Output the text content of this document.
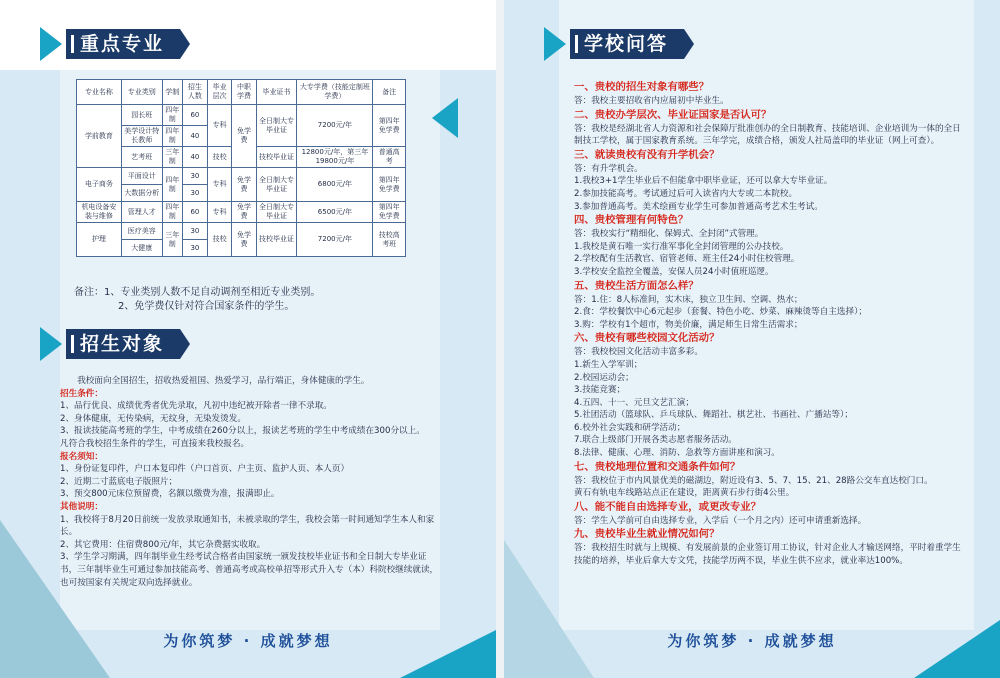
重点专业
专业名称	专业类别	学制	招生人数	毕业层次	中职学费	毕业证书	大专学费（技能定制班学费）	备注
学前教育	园长班	四年制	60	专科	免学费	全日制大专毕业证	7200元/年	第四年免学费
	美学设计特长教师	四年制	40					
	艺考班	三年制	40	技校		技校毕业证	12800元/年，第三年19800元/年	普通高考
电子商务	平面设计	四年制	30	专科	免学费	全日制大专毕业证	6800元/年	第四年免学费
	大数据分析		30					
机电设备安装与维修	管理人才	四年制	60	专科	免学费	全日制大专毕业证	6500元/年	第四年免学费
护理	医疗美容	三年制	30	技校	免学费	技校毕业证	7200元/年	技校高考班
	大健康		30					
备注：1、专业类别人数不足自动调剂至相近专业类别。
2、免学费仅针对符合国家条件的学生。
招生对象

我校面向全国招生，招收热爱祖国、热爱学习，品行端正，身体健康的学生。

招生条件：

1、品行优良、成绩优秀者优先录取，凡初中违纪被开除者一律不录取。

2、身体健康，无传染病，无纹身，无染发烫发。

3、报读技能高考班的学生，中考成绩在260分以上，报读艺考班的学生中考成绩在300分以上。

凡符合我校招生条件的学生，可直接来我校报名。

报名须知：

1、身份证复印件，户口本复印件（户口首页、户主页、监护人页、本人页）

2、近期二寸蓝底电子版照片；

3、预交800元床位预留费，名额以缴费为准，报满即止。

其他说明：

1、我校将于8月20日前统一发放录取通知书，未被录取的学生，我校会第一时间通知学生本人和家长。

2、其它费用：住宿费800元/年，其它杂费据实收取。

3、学生学习期满，四年制毕业生经考试合格者由国家统一颁发技校毕业证书和全日制大专毕业证书，三年制毕业生可通过参加技能高考、普通高考或高校单招等形式升入专（本）科院校继续就读，也可按国家有关规定双向选择就业。

为你筑梦 · 成就梦想
学校问答
一、贵校的招生对象有哪些？

答：我校主要招收省内应届初中毕业生。

二、贵校办学层次、毕业证国家是否认可？

答：我校是经湖北省人力资源和社会保障厅批准创办的全日制教育、技能培训、企业培训为一体的全日制技工学校，属于国家教育系统。三年学完，成绩合格，颁发人社局盖印的毕业证（网上可查）。

三、就读贵校有没有升学机会？

答：有升学机会。

1.我校3+1学生毕业后不但能拿中职毕业证，还可以拿大专毕业证。

2.参加技能高考。考试通过后可入读省内大专或二本院校。

3.参加普通高考。美术绘画专业学生可参加普通高考艺术生考试。

四、贵校管理有何特色？

答：我校实行“精细化、保姆式、全封闭”式管理。

1.我校是黄石唯一实行准军事化全封闭管理的公办技校。

2.学校配有生活教官、宿管老师、班主任24小时住校管理。

3.学校安全监控全覆盖，安保人员24小时值班巡逻。

五、贵校生活方面怎么样？

答：1.住：8人标准间，实木床，独立卫生间、空调、热水；

2.食：学校餐饮中心6元起步（套餐、特色小吃、炒菜、麻辣烫等自主选择）；

3.购：学校有1个超市，物美价廉，满足师生日常生活需求；

六、贵校有哪些校园文化活动？

答：我校校园文化活动丰富多彩。

1.新生入学军训；

2.校园运动会；

3.技能竞赛；

4.五四、十一、元旦文艺汇演；

5.社团活动（篮球队、乒乓球队、舞蹈社、棋艺社、书画社、广播站等）；

6.校外社会实践和研学活动；

7.联合上级部门开展各类志愿者服务活动。

8.法律、健康、心理、消防、急救等方面讲座和演习。

七、贵校地理位置和交通条件如何？

答：我校位于市内风景优美的磁湖边，附近设有3、5、7、15、21、28路公交车直达校门口。

黄石有轨电车线路站点正在建设，距离黄石步行街4公里。

八、能不能自由选择专业，或更改专业？

答：学生入学前可自由选择专业，入学后（一个月之内）还可申请重新选择。

九、贵校毕业生就业情况如何？

答：我校招生时就与上规模、有发展前景的企业签订用工协议，针对企业人才输送网络，平时着重学生技能的培养，毕业后拿大专文凭，技能学历两不误，毕业生供不应求，就业率达100%。

为你筑梦 · 成就梦想
